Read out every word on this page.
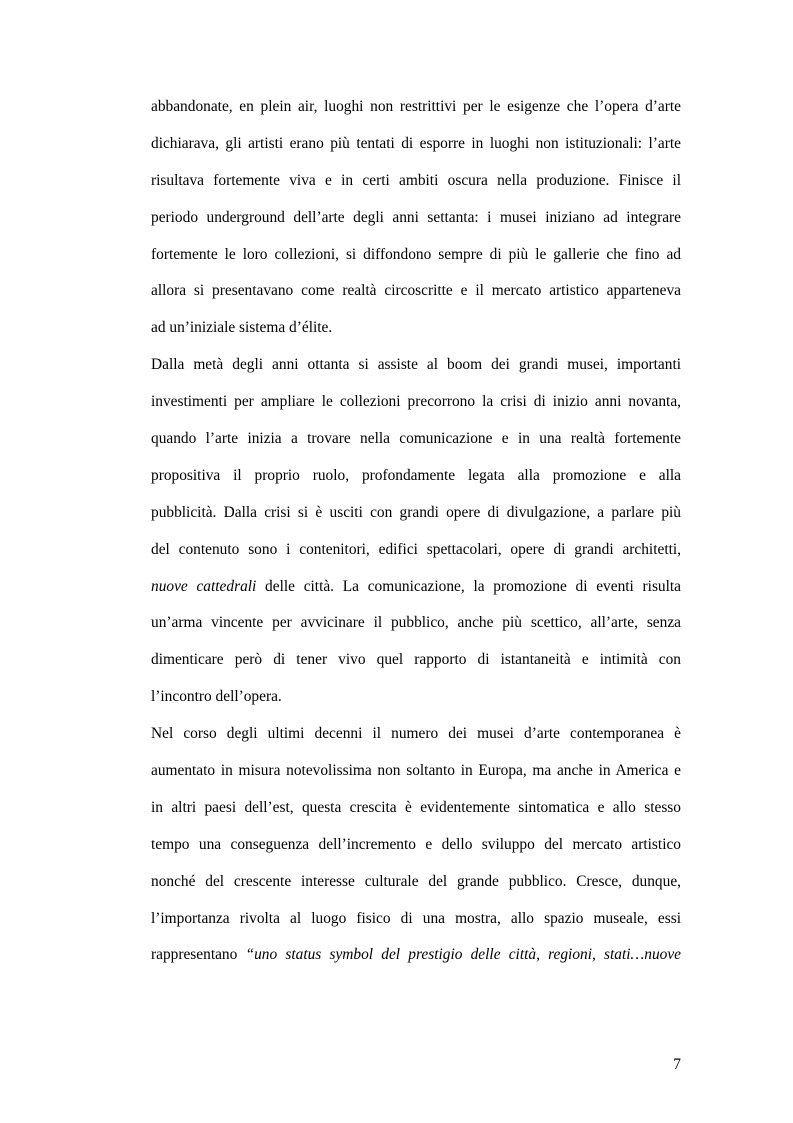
abbandonate, en plein air, luoghi non restrittivi per le esigenze che l’opera d’arte
dichiarava, gli artisti erano più tentati di esporre in luoghi non istituzionali: l’arte
risultava fortemente viva e in certi ambiti oscura nella produzione. Finisce il
periodo underground dell’arte degli anni settanta: i musei iniziano ad integrare
fortemente le loro collezioni, si diffondono sempre di più le gallerie che fino ad
allora si presentavano come realtà circoscritte e il mercato artistico apparteneva
ad un’iniziale sistema d’élite.
Dalla metà degli anni ottanta si assiste al boom dei grandi musei, importanti
investimenti per ampliare le collezioni precorrono la crisi di inizio anni novanta,
quando l’arte inizia a trovare nella comunicazione e in una realtà fortemente
propositiva il proprio ruolo, profondamente legata alla promozione e alla
pubblicità. Dalla crisi si è usciti con grandi opere di divulgazione, a parlare più
del contenuto sono i contenitori, edifici spettacolari, opere di grandi architetti,
nuove cattedrali delle città. La comunicazione, la promozione di eventi risulta
un’arma vincente per avvicinare il pubblico, anche più scettico, all’arte, senza
dimenticare però di tener vivo quel rapporto di istantaneità e intimità con
l’incontro dell’opera.
Nel corso degli ultimi decenni il numero dei musei d’arte contemporanea è
aumentato in misura notevolissima non soltanto in Europa, ma anche in America e
in altri paesi dell’est, questa crescita è evidentemente sintomatica e allo stesso
tempo una conseguenza dell’incremento e dello sviluppo del mercato artistico
nonché del crescente interesse culturale del grande pubblico. Cresce, dunque,
l’importanza rivolta al luogo fisico di una mostra, allo spazio museale, essi
rappresentano “uno status symbol del prestigio delle città, regioni, stati…nuove
7
